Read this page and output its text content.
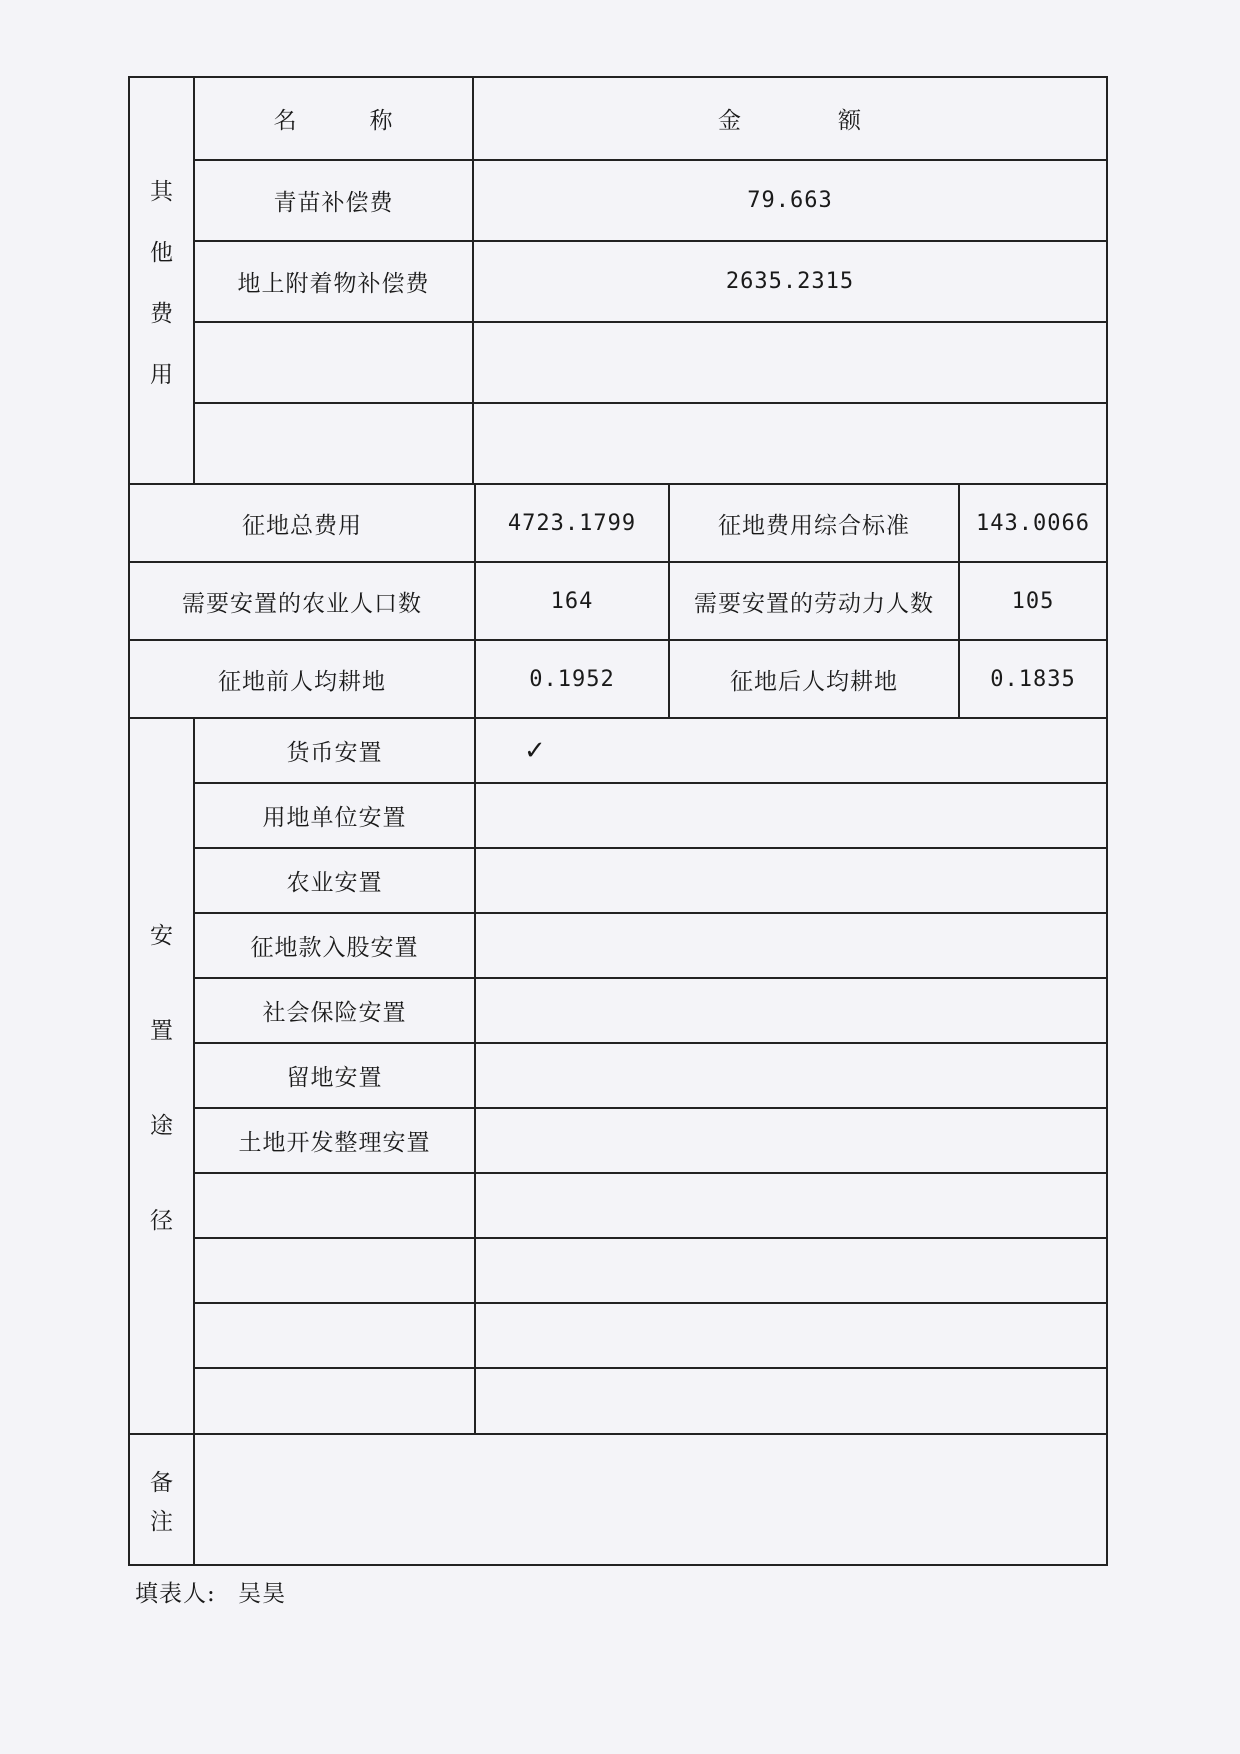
其
他
费
用
名　　　称	金　　　　额
青苗补偿费	79.663
地上附着物补偿费	2635.2315
征地总费用	4723.1799	征地费用综合标准	143.0066
需要安置的农业人口数	164	需要安置的劳动力人数	105
征地前人均耕地	0.1952	征地后人均耕地	0.1835
安
置
途
径
货币安置	✓
用地单位安置
农业安置
征地款入股安置
社会保险安置
留地安置
土地开发整理安置
备
注
填表人: 吴昊
